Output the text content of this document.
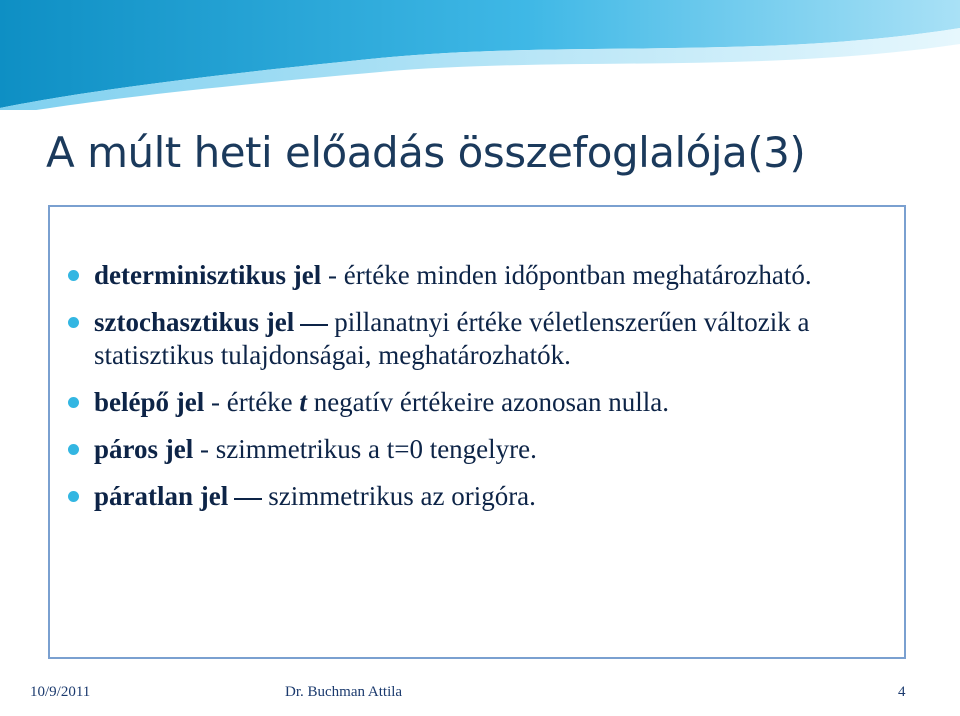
A múlt heti előadás összefoglalója(3)
determinisztikus jel - értéke minden időpontban meghatározható.
sztochasztikus jel pillanatnyi értéke véletlenszerűen változik a statisztikus tulajdonságai, meghatározhatók.
belépő jel - értéke t negatív értékeire azonosan nulla.
páros jel - szimmetrikus a t=0 tengelyre.
páratlan jel szimmetrikus az origóra.
10/9/2011	Dr. Buchman Attila	4
